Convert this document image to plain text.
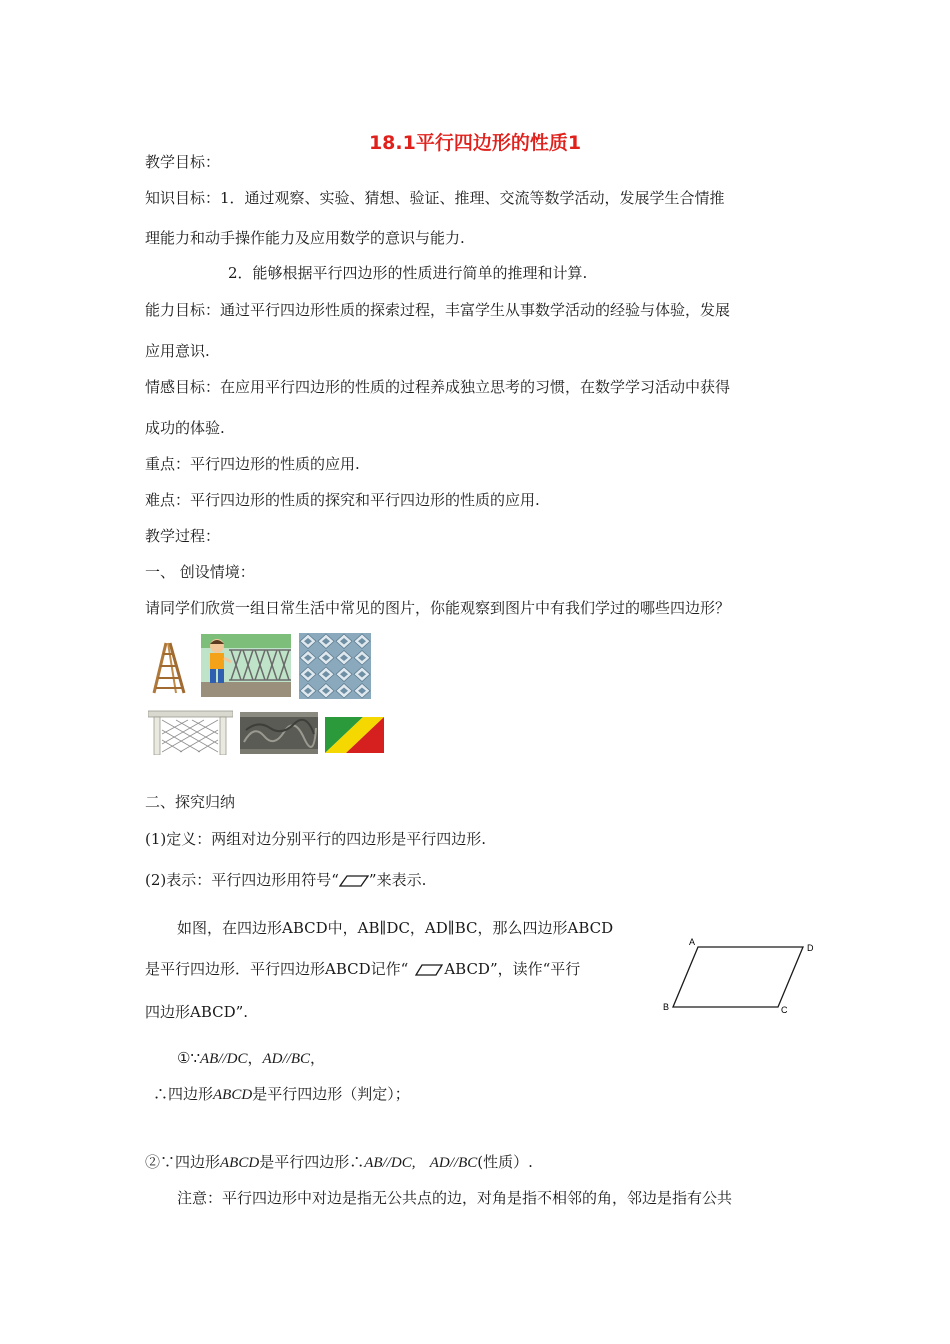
18.1平行四边形的性质1
教学目标：
知识目标：1．通过观察、实验、猜想、验证、推理、交流等数学活动，发展学生合情推
理能力和动手操作能力及应用数学的意识与能力.
2．能够根据平行四边形的性质进行简单的推理和计算.
能力目标：通过平行四边形性质的探索过程，丰富学生从事数学活动的经验与体验，发展
应用意识.
情感目标：在应用平行四边形的性质的过程养成独立思考的习惯，在数学学习活动中获得
成功的体验.
重点：平行四边形的性质的应用.
难点：平行四边形的性质的探究和平行四边形的性质的应用.
教学过程：
一、 创设情境：
请同学们欣赏一组日常生活中常见的图片，你能观察到图片中有我们学过的哪些四边形？
二、探究归纳
(1)定义：两组对边分别平行的四边形是平行四边形.
(2)表示：平行四边形用符号“ ”来表示.
如图，在四边形ABCD中，AB∥DC，AD∥BC，那么四边形ABCD
是平行四边形．平行四边形ABCD记作“ ABCD”，读作“平行
四边形ABCD”.
A
D
B	C
①∵AB//DC，AD//BC，
∴四边形ABCD是平行四边形（判定）；
②∵四边形ABCD是平行四边形∴AB//DC, AD//BC(性质）.
注意：平行四边形中对边是指无公共点的边，对角是指不相邻的角，邻边是指有公共
